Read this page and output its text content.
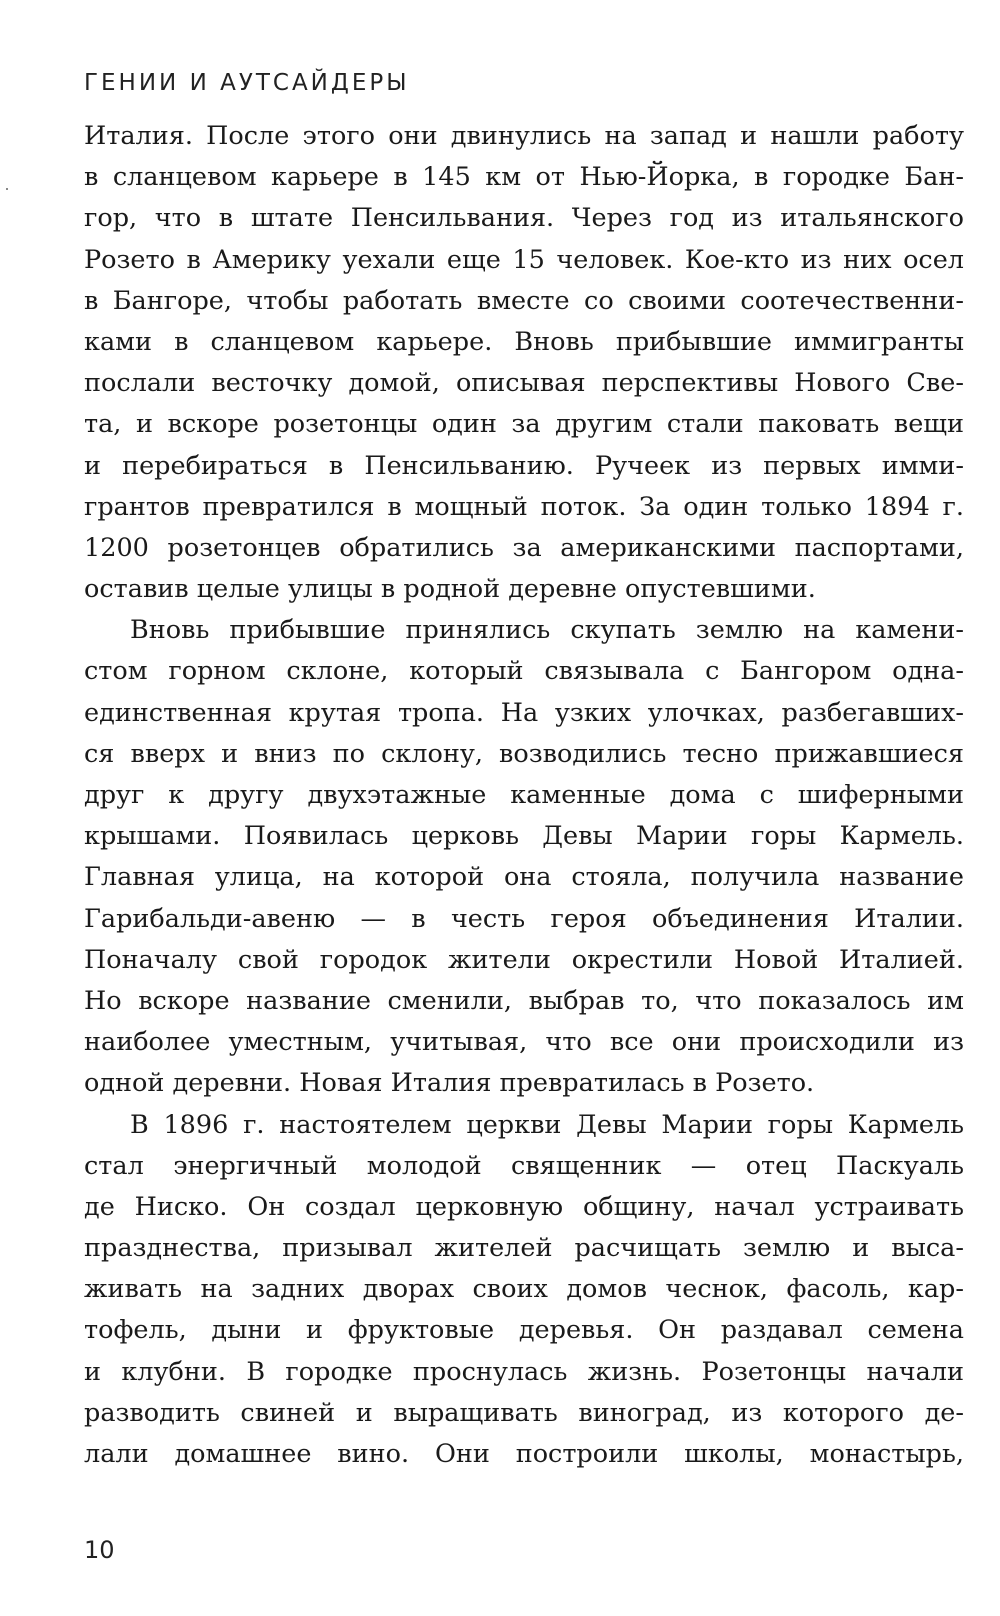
ГЕНИИ И АУТСАЙДЕРЫ
Италия. После этого они двинулись на запад и нашли работу
в сланцевом карьере в 145 км от Нью-Йорка, в городке Бан-
гор, что в штате Пенсильвания. Через год из итальянского
Розето в Америку уехали еще 15 человек. Кое-кто из них осел
в Бангоре, чтобы работать вместе со своими соотечественни-
ками в сланцевом карьере. Вновь прибывшие иммигранты
послали весточку домой, описывая перспективы Нового Све-
та, и вскоре розетонцы один за другим стали паковать вещи
и перебираться в Пенсильванию. Ручеек из первых имми-
грантов превратился в мощный поток. За один только 1894 г.
1200 розетонцев обратились за американскими паспортами,
оставив целые улицы в родной деревне опустевшими.
Вновь прибывшие принялись скупать землю на камени-
стом горном склоне, который связывала с Бангором одна-
единственная крутая тропа. На узких улочках, разбегавших-
ся вверх и вниз по склону, возводились тесно прижавшиеся
друг к другу двухэтажные каменные дома с шиферными
крышами. Появилась церковь Девы Марии горы Кармель.
Главная улица, на которой она стояла, получила название
Гарибальди-авеню — в честь героя объединения Италии.
Поначалу свой городок жители окрестили Новой Италией.
Но вскоре название сменили, выбрав то, что показалось им
наиболее уместным, учитывая, что все они происходили из
одной деревни. Новая Италия превратилась в Розето.
В 1896 г. настоятелем церкви Девы Марии горы Кармель
стал энергичный молодой священник — отец Паскуаль
де Ниско. Он создал церковную общину, начал устраивать
празднества, призывал жителей расчищать землю и выса-
живать на задних дворах своих домов чеснок, фасоль, кар-
тофель, дыни и фруктовые деревья. Он раздавал семена
и клубни. В городке проснулась жизнь. Розетонцы начали
разводить свиней и выращивать виноград, из которого де-
лали домашнее вино. Они построили школы, монастырь,
10
